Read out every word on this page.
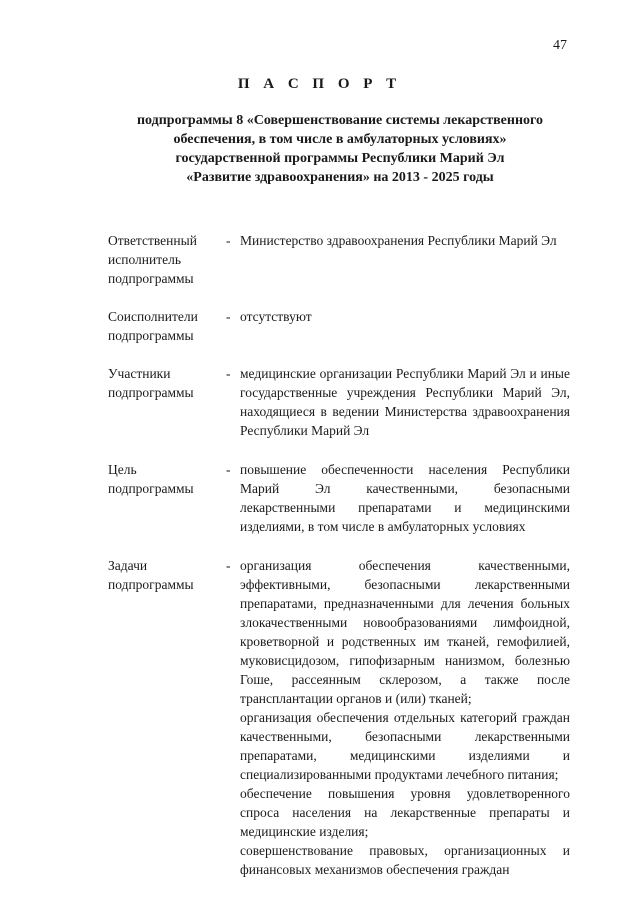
47
П А С П О Р Т
подпрограммы 8 «Совершенствование системы лекарственного
обеспечения, в том числе в амбулаторных условиях»
государственной программы Республики Марий Эл
«Развитие здравоохранения» на 2013 - 2025 годы
Ответственный
исполнитель
подпрограммы
- Министерство здравоохранения Республики Марий Эл

Соисполнители
подпрограммы
- отсутствуют

Участники
подпрограммы
- медицинские организации Республики Марий Эл и иные государственные учреждения Республики Марий Эл, находящиеся в ведении Министерства здравоохранения Республики Марий Эл

Цель
подпрограммы
- повышение обеспеченности населения Республики Марий Эл качественными, безопасными лекарственными препаратами и медицинскими изделиями, в том числе в амбулаторных условиях

Задачи
подпрограммы
- организация обеспечения качественными, эффективными, безопасными лекарственными препаратами, предназначенными для лечения больных злокачественными новообразованиями лимфоидной, кроветворной и родственных им тканей, гемофилией, муковисцидозом, гипофизарным нанизмом, болезнью Гоше, рассеянным склерозом, а также после трансплантации органов и (или) тканей;

организация обеспечения отдельных категорий граждан качественными, безопасными лекарственными препаратами, медицинскими изделиями и специализированными продуктами лечебного питания;

обеспечение повышения уровня удовлетворенного спроса населения на лекарственные препараты и медицинские изделия;

совершенствование правовых, организационных и финансовых механизмов обеспечения граждан
